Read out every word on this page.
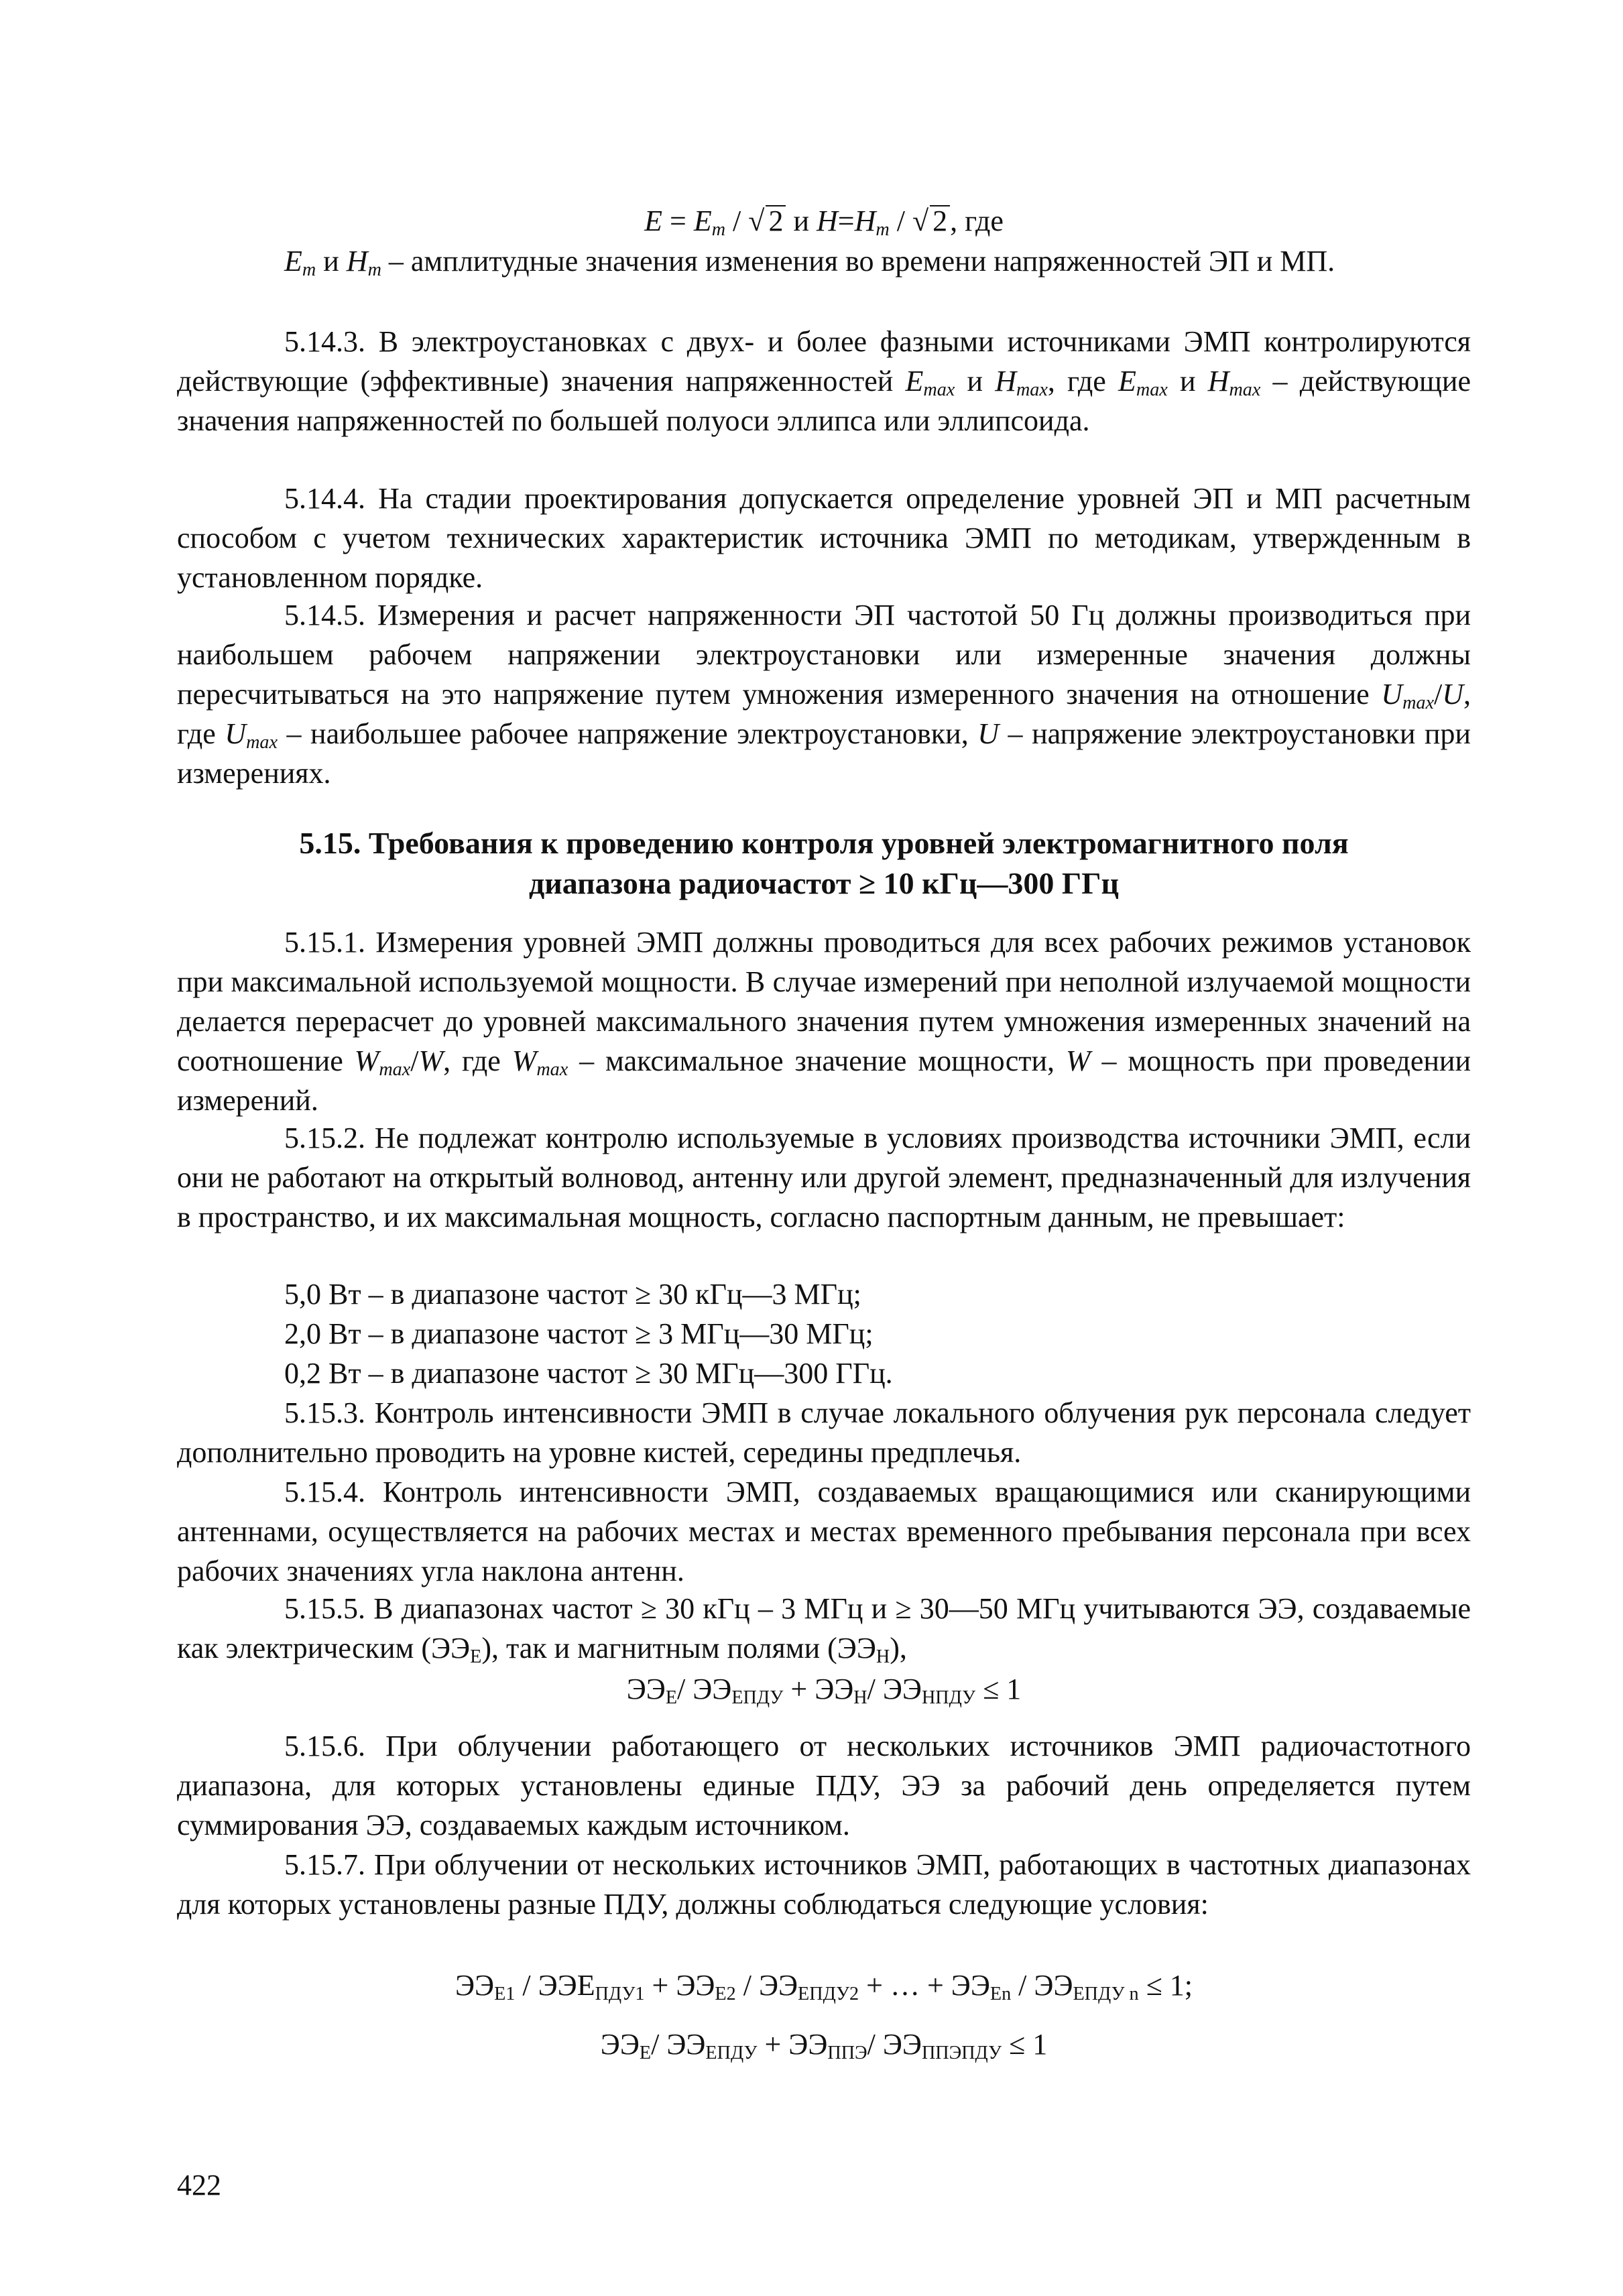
$E = E_m$ / √ 2 и $H=H_m$ / √ 2, где

$E_m$ и $H_m$ – амплитудные значения изменения во времени напряженностей ЭП и МП.

5.14.3. В электроустановках с двух- и более фазными источниками ЭМП контролируются действующие (эффективные) значения напряженностей $E_{max}$ и $H_{max}$, где $E_{max}$ и $H_{max}$ – действующие значения напряженностей по большей полуоси эллипса или эллипсоида.

5.14.4. На стадии проектирования допускается определение уровней ЭП и МП расчетным способом с учетом технических характеристик источника ЭМП по методикам, утвержденным в установленном порядке.

5.14.5. Измерения и расчет напряженности ЭП частотой 50 Гц должны производиться при наибольшем рабочем напряжении электроустановки или измеренные значения должны пересчитываться на это напряжение путем умножения измеренного значения на отношение $U_{max}/U$, где $U_{max}$ – наибольшее рабочее напряжение электроустановки, U – напряжение электроустановки при измерениях.

5.15. Требования к проведению контроля уровней электромагнитного поля

диапазона радиочастот ≥ 10 кГц—300 ГГц

5.15.1. Измерения уровней ЭМП должны проводиться для всех рабочих режимов установок при максимальной используемой мощности. В случае измерений при неполной излучаемой мощности делается перерасчет до уровней максимального значения путем умножения измеренных значений на соотношение $W_{max}/W$, где $W_{max}$ – максимальное значение мощности, W – мощность при проведении измерений.

5.15.2. Не подлежат контролю используемые в условиях производства источники ЭМП, если они не работают на открытый волновод, антенну или другой элемент, предназначенный для излучения в пространство, и их максимальная мощность, согласно паспортным данным, не превышает:

5,0 Вт – в диапазоне частот ≥ 30 кГц—3 МГц;

2,0 Вт – в диапазоне частот ≥ 3 МГц—30 МГц;

0,2 Вт – в диапазоне частот ≥ 30 МГц—300 ГГц.

5.15.3. Контроль интенсивности ЭМП в случае локального облучения рук персонала следует дополнительно проводить на уровне кистей, середины предплечья.

5.15.4. Контроль интенсивности ЭМП, создаваемых вращающимися или сканирующими антеннами, осуществляется на рабочих местах и местах временного пребывания персонала при всех рабочих значениях угла наклона антенн.

5.15.5. В диапазонах частот ≥ 30 кГц – 3 МГц и ≥ 30—50 МГц учитываются ЭЭ, создаваемые как электрическим $(ЭЭ_Е)$, так и магнитным полями $(ЭЭ_Н)$,

$ЭЭ_Е/$ $ЭЭ_{ЕПДУ} + ЭЭ_Н/$ $ЭЭ_{НПДУ} \le 1$

5.15.6. При облучении работающего от нескольких источников ЭМП радиочастотного диапазона, для которых установлены единые ПДУ, ЭЭ за рабочий день определяется путем суммирования ЭЭ, создаваемых каждым источником.

5.15.7. При облучении от нескольких источников ЭМП, работающих в частотных диапазонах для которых установлены разные ПДУ, должны соблюдаться следующие условия:

$ЭЭ_{Е1} / ЭЭЕ_{ПДУ1} + ЭЭ_{Е2} / ЭЭ_{ЕПДУ2}$ + … + $ЭЭ_{Еn} / ЭЭ_{ЕПДУ n} \le 1$;

$ЭЭ_Е/$ $ЭЭ_{ЕПДУ} + ЭЭ_{ППЭ}/$ $ЭЭ_{ППЭПДУ} \le 1$

422
